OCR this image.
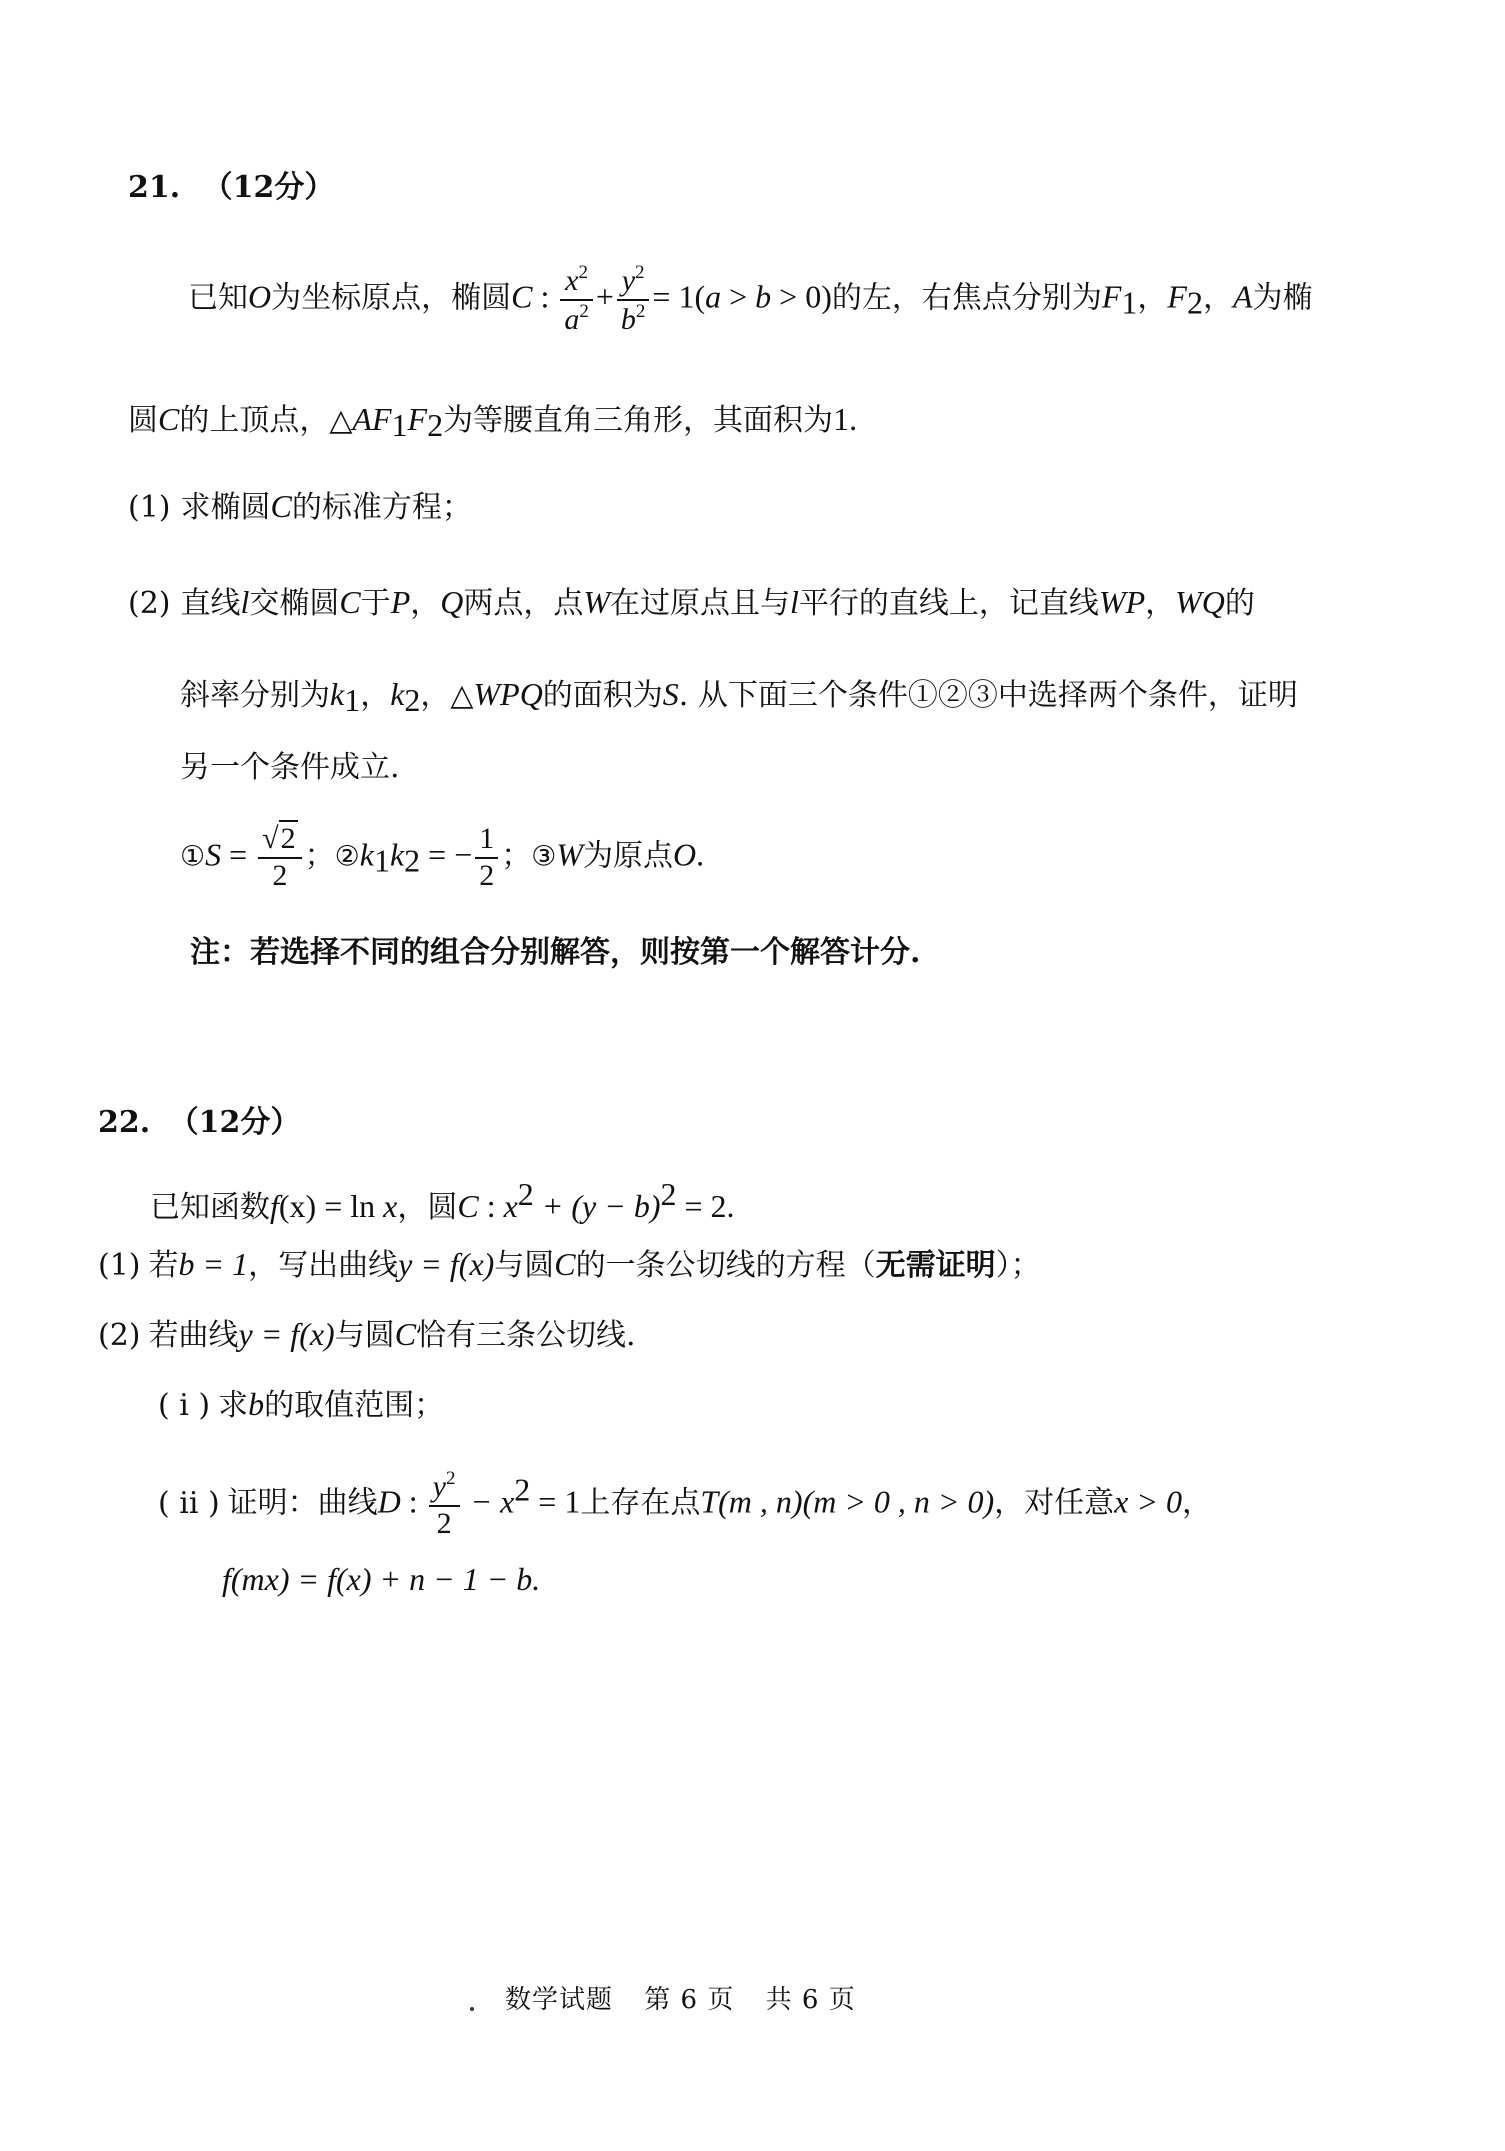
21. （12分）
已知O为坐标原点，椭圆C : $\frac{x^2}{a^2} + \frac{y^2}{b^2} = 1(a > b > 0)$的左，右焦点分别为$F_1$，$F_2$，A为椭
圆C的上顶点，$\triangle AF_1F_2$为等腰直角三角形，其面积为1.
(1) 求椭圆C的标准方程；
(2) 直线l交椭圆C于P，Q两点，点W在过原点且与l平行的直线上，记直线WP，WQ的
斜率分别为$k_1$，$k_2$，△WPQ的面积为S. 从下面三个条件①②③中选择两个条件，证明
另一个条件成立.
①S = $\frac{√2}{2}$ ；$②k_1k_2$ = − $\frac{1}{2}$ ；③W为原点O.
注：若选择不同的组合分别解答，则按第一个解答计分.
22. （12分）
已知函数f(x) = ln x，圆C : $x^2 + (y - b)^2 = 2$.
(1) 若b = 1，写出曲线y = f(x)与圆C的一条公切线的方程（无需证明）；
(2) 若曲线y = f(x)与圆C恰有三条公切线.
( i ) 求b的取值范围；
( ii ) 证明：曲线D : $\frac{y^2}{2} - x^2 = 1$上存在点T(m , n)(m > 0 , n > 0)，对任意x > 0，
f(mx) = f(x) + n − 1 − b.
数学试题 第 6 页 共 6 页
